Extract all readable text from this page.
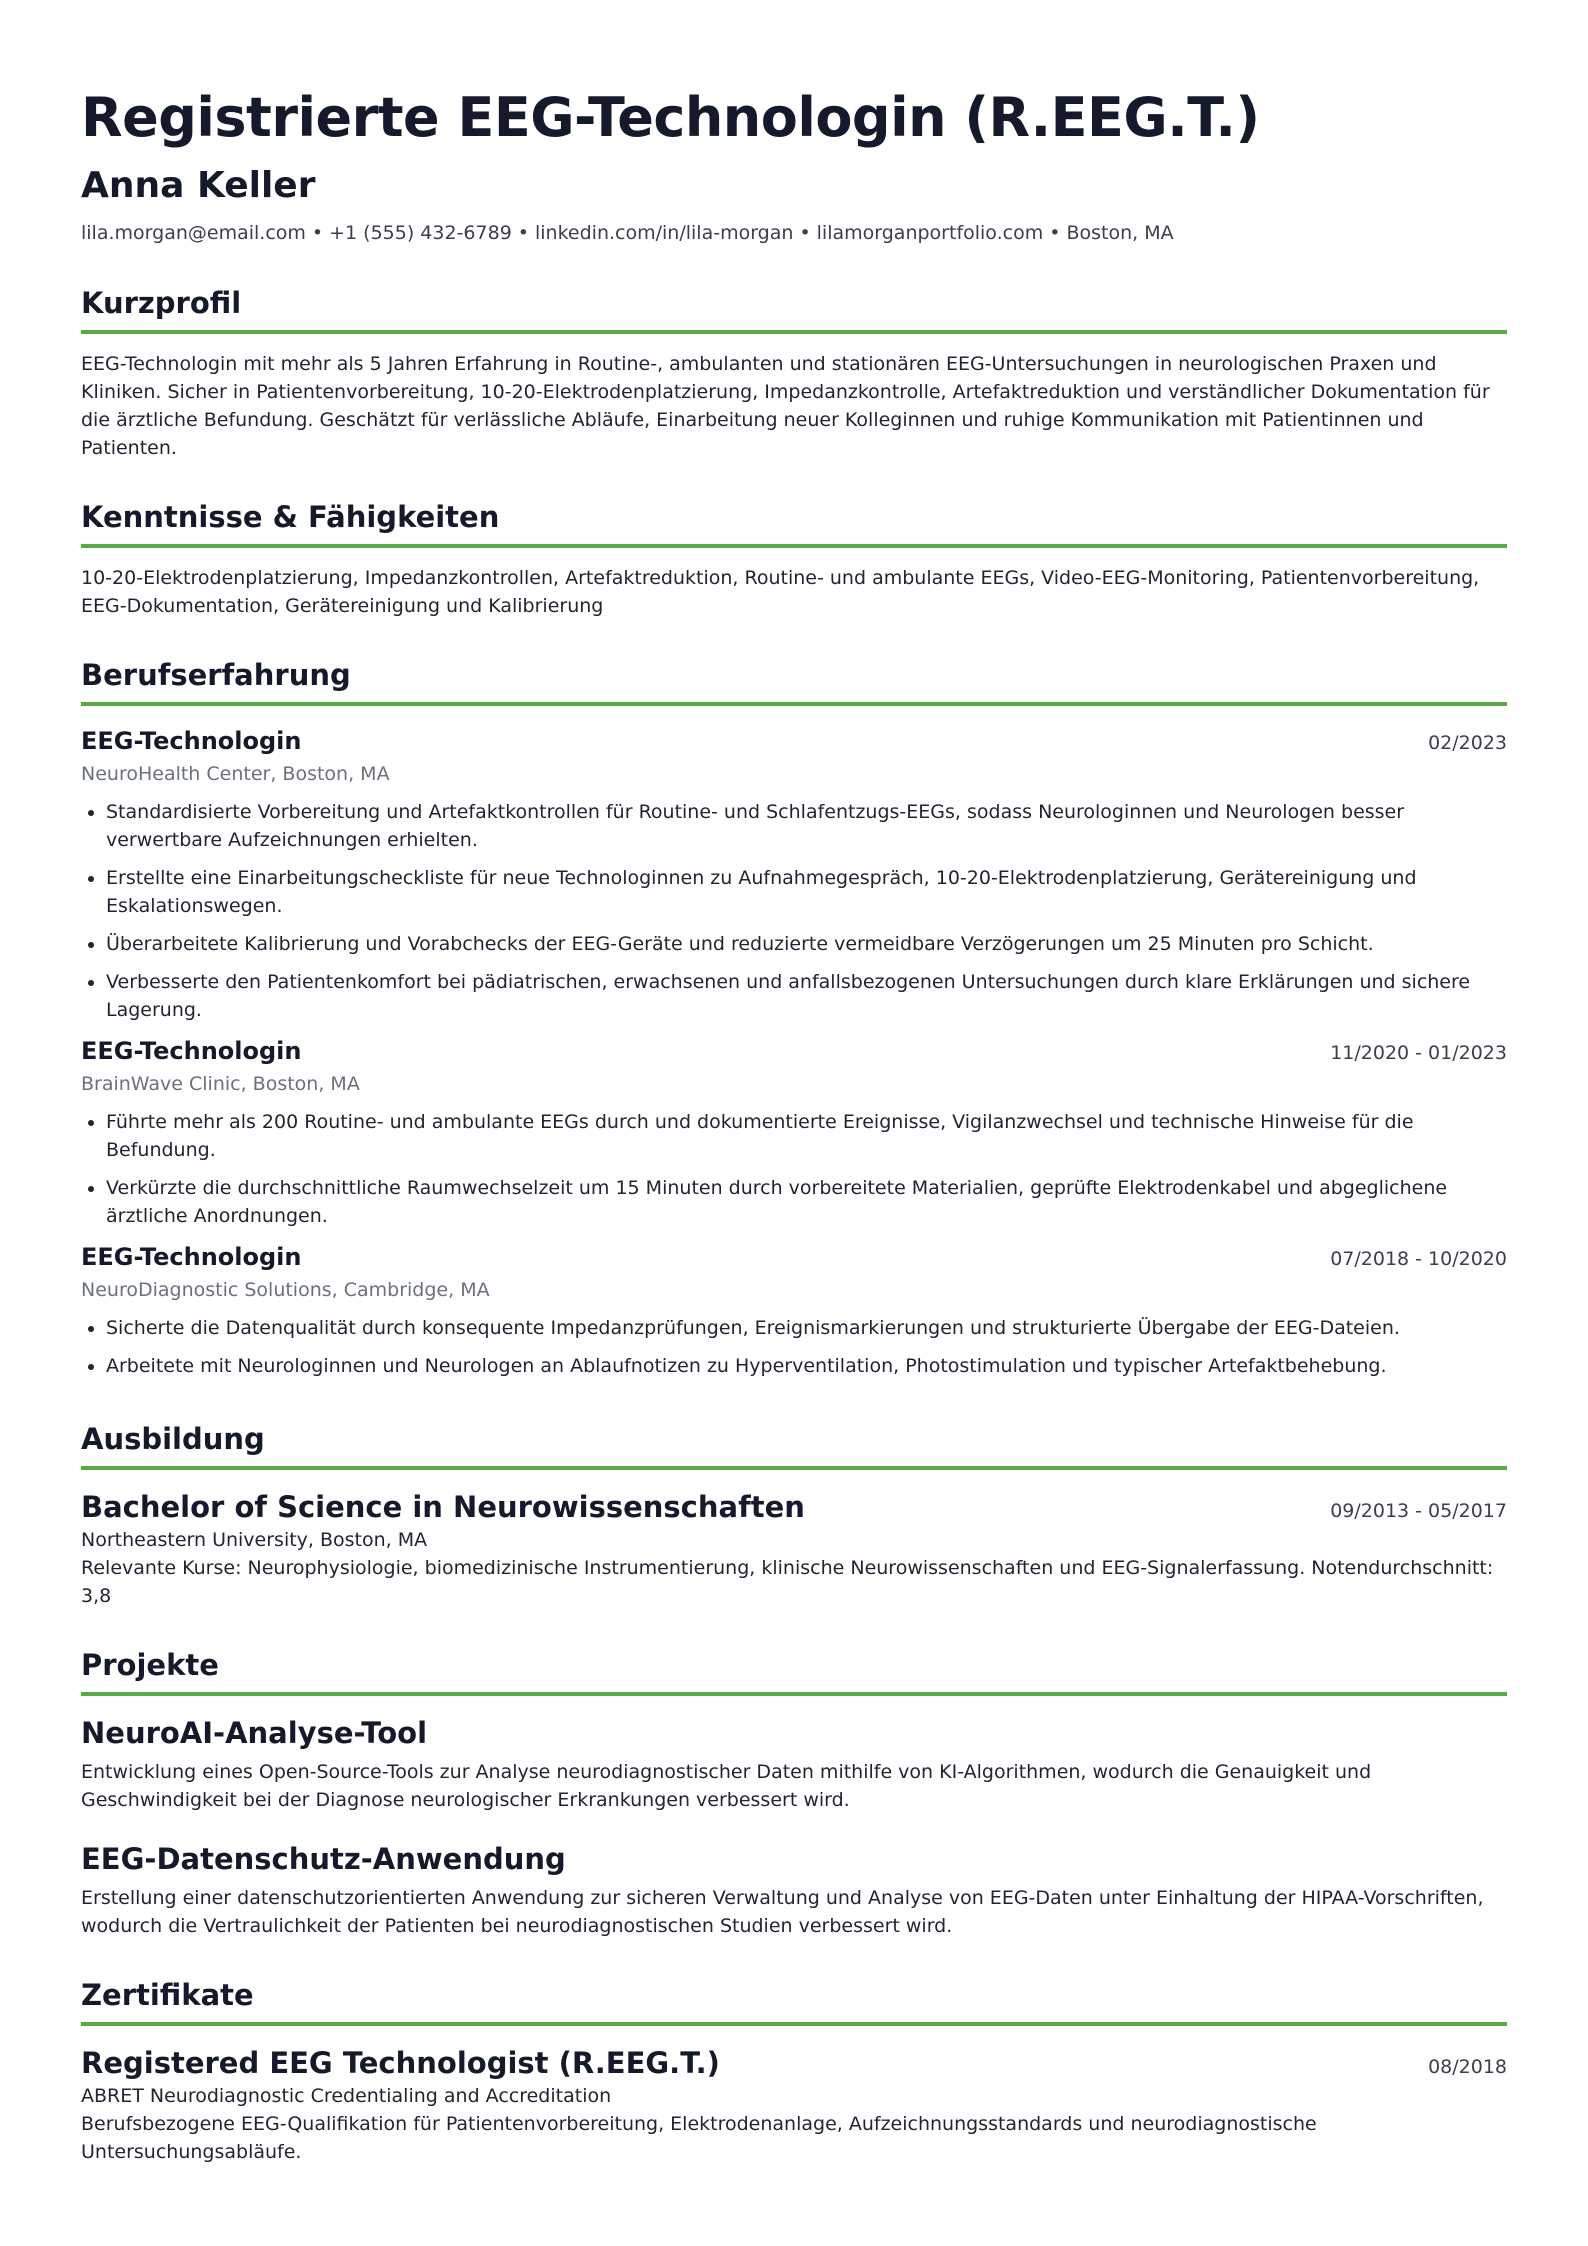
Registrierte EEG-Technologin (R.EEG.T.)
Anna Keller
lila.morgan@email.com • +1 (555) 432-6789 • linkedin.com/in/lila-morgan • lilamorganportfolio.com • Boston, MA
Kurzprofil
EEG-Technologin mit mehr als 5 Jahren Erfahrung in Routine-, ambulanten und stationären EEG-Untersuchungen in neurologischen Praxen und Kliniken. Sicher in Patientenvorbereitung, 10-20-Elektrodenplatzierung, Impedanzkontrolle, Artefaktreduktion und verständlicher Dokumentation für die ärztliche Befundung. Geschätzt für verlässliche Abläufe, Einarbeitung neuer Kolleginnen und ruhige Kommunikation mit Patientinnen und Patienten.
Kenntnisse & Fähigkeiten
10-20-Elektrodenplatzierung, Impedanzkontrollen, Artefaktreduktion, Routine- und ambulante EEGs, Video-EEG-Monitoring, Patientenvorbereitung, EEG-Dokumentation, Gerätereinigung und Kalibrierung
Berufserfahrung
EEG-Technologin	02/2023
NeuroHealth Center, Boston, MA
• Standardisierte Vorbereitung und Artefaktkontrollen für Routine- und Schlafentzugs-EEGs, sodass Neurologinnen und Neurologen besser verwertbare Aufzeichnungen erhielten.
• Erstellte eine Einarbeitungscheckliste für neue Technologinnen zu Aufnahmegespräch, 10-20-Elektrodenplatzierung, Gerätereinigung und Eskalationswegen.
• Überarbeitete Kalibrierung und Vorabchecks der EEG-Geräte und reduzierte vermeidbare Verzögerungen um 25 Minuten pro Schicht.
• Verbesserte den Patientenkomfort bei pädiatrischen, erwachsenen und anfallsbezogenen Untersuchungen durch klare Erklärungen und sichere Lagerung.
EEG-Technologin	11/2020 - 01/2023
BrainWave Clinic, Boston, MA
• Führte mehr als 200 Routine- und ambulante EEGs durch und dokumentierte Ereignisse, Vigilanzwechsel und technische Hinweise für die Befundung.
• Verkürzte die durchschnittliche Raumwechselzeit um 15 Minuten durch vorbereitete Materialien, geprüfte Elektrodenkabel und abgeglichene ärztliche Anordnungen.
EEG-Technologin	07/2018 - 10/2020
NeuroDiagnostic Solutions, Cambridge, MA
• Sicherte die Datenqualität durch konsequente Impedanzprüfungen, Ereignismarkierungen und strukturierte Übergabe der EEG-Dateien.
• Arbeitete mit Neurologinnen und Neurologen an Ablaufnotizen zu Hyperventilation, Photostimulation und typischer Artefaktbehebung.
Ausbildung
Bachelor of Science in Neurowissenschaften	09/2013 - 05/2017
Northeastern University, Boston, MA
Relevante Kurse: Neurophysiologie, biomedizinische Instrumentierung, klinische Neurowissenschaften und EEG-Signalerfassung. Notendurchschnitt: 3,8
Projekte
NeuroAI-Analyse-Tool
Entwicklung eines Open-Source-Tools zur Analyse neurodiagnostischer Daten mithilfe von KI-Algorithmen, wodurch die Genauigkeit und Geschwindigkeit bei der Diagnose neurologischer Erkrankungen verbessert wird.
EEG-Datenschutz-Anwendung
Erstellung einer datenschutzorientierten Anwendung zur sicheren Verwaltung und Analyse von EEG-Daten unter Einhaltung der HIPAA-Vorschriften, wodurch die Vertraulichkeit der Patienten bei neurodiagnostischen Studien verbessert wird.
Zertifikate
Registered EEG Technologist (R.EEG.T.)	08/2018
ABRET Neurodiagnostic Credentialing and Accreditation
Berufsbezogene EEG-Qualifikation für Patientenvorbereitung, Elektrodenanlage, Aufzeichnungsstandards und neurodiagnostische Untersuchungsabläufe.
